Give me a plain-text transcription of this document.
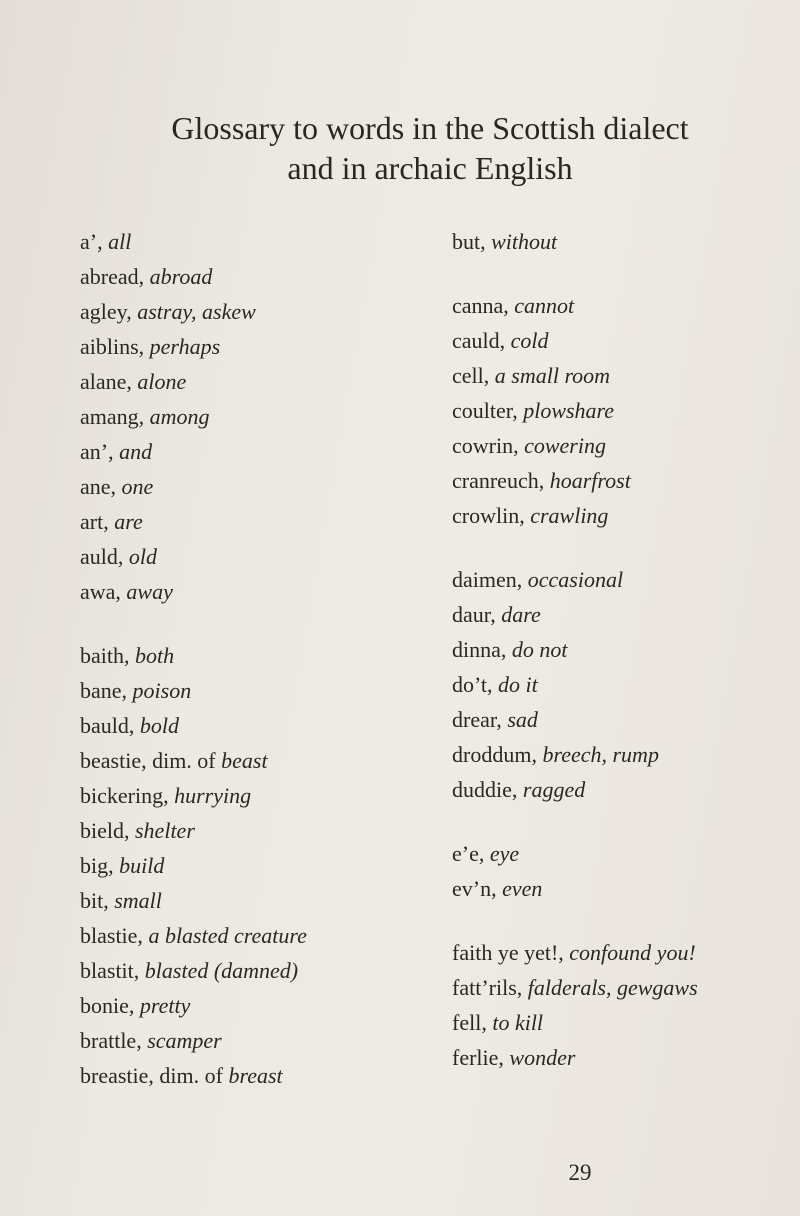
Glossary to words in the Scottish dialect
and in archaic English
a’, all
abread, abroad
agley, astray, askew
aiblins, perhaps
alane, alone
amang, among
an’, and
ane, one
art, are
auld, old
awa, away
baith, both
bane, poison
bauld, bold
beastie, dim. of beast
bickering, hurrying
bield, shelter
big, build
bit, small
blastie, a blasted creature
blastit, blasted (damned)
bonie, pretty
brattle, scamper
breastie, dim. of breast
but, without
canna, cannot
cauld, cold
cell, a small room
coulter, plowshare
cowrin, cowering
cranreuch, hoarfrost
crowlin, crawling
daimen, occasional
daur, dare
dinna, do not
do’t, do it
drear, sad
droddum, breech, rump
duddie, ragged
e’e, eye
ev’n, even
faith ye yet!, confound you!
fatt’rils, falderals, gewgaws
fell, to kill
ferlie, wonder
29
